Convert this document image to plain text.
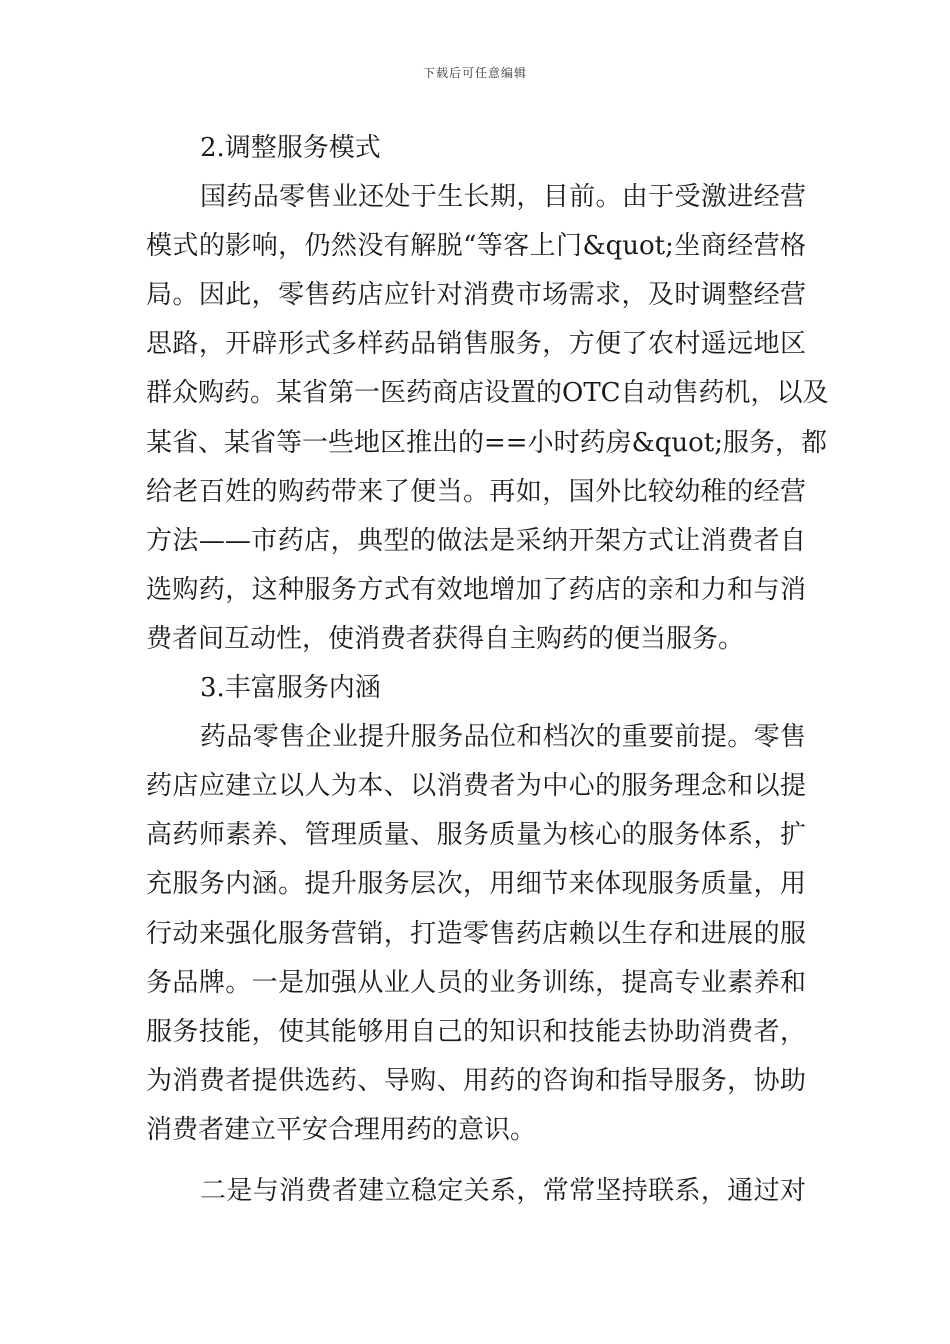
下载后可任意编辑
2.调整服务模式
国药品零售业还处于生长期，目前。由于受激进经营
模式的影响，仍然没有解脱“等客上门&quot;坐商经营格
局。因此，零售药店应针对消费市场需求，及时调整经营
思路，开辟形式多样药品销售服务，方便了农村遥远地区
群众购药。某省第一医药商店设置的OTC自动售药机，以及
某省、某省等一些地区推出的==小时药房&quot;服务，都
给老百姓的购药带来了便当。再如，国外比较幼稚的经营
方法——市药店，典型的做法是采纳开架方式让消费者自
选购药，这种服务方式有效地增加了药店的亲和力和与消
费者间互动性，使消费者获得自主购药的便当服务。
3.丰富服务内涵
药品零售企业提升服务品位和档次的重要前提。零售
药店应建立以人为本、以消费者为中心的服务理念和以提
高药师素养、管理质量、服务质量为核心的服务体系，扩
充服务内涵。提升服务层次，用细节来体现服务质量，用
行动来强化服务营销，打造零售药店赖以生存和进展的服
务品牌。一是加强从业人员的业务训练，提高专业素养和
服务技能，使其能够用自己的知识和技能去协助消费者，
为消费者提供选药、导购、用药的咨询和指导服务，协助
消费者建立平安合理用药的意识。
二是与消费者建立稳定关系，常常坚持联系，通过对
